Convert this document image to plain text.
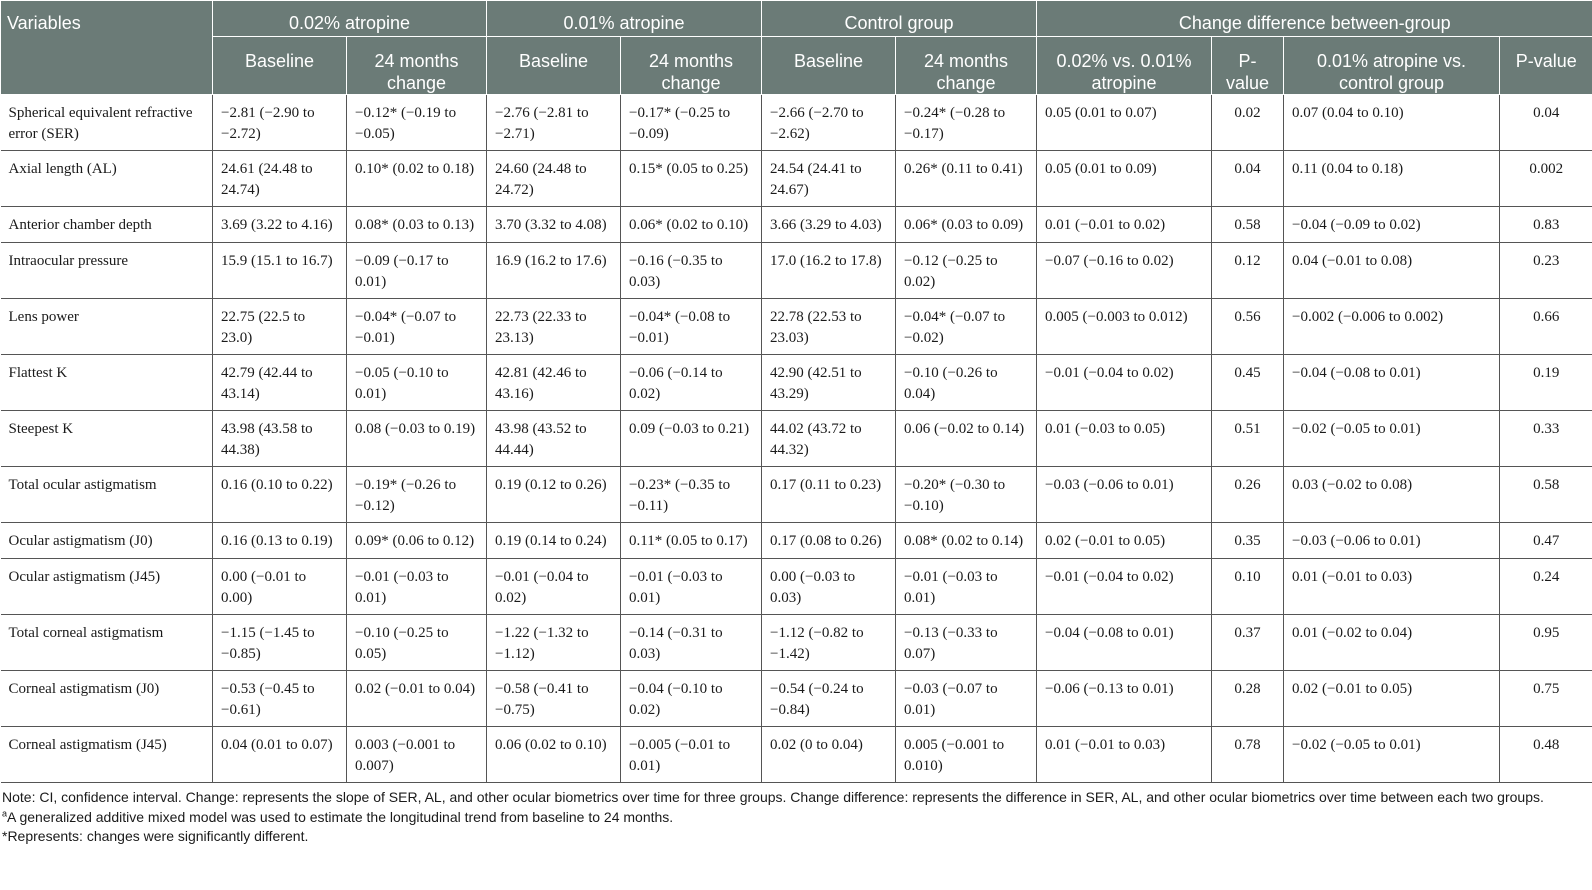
Variables	0.02% atropine		0.01% atropine		Control group		Change difference between-group			
	Baseline	24 months change	Baseline	24 months change	Baseline	24 months change	0.02% vs. 0.01% atropine	P-value	0.01% atropine vs. control group	P-value
Spherical equivalent refractive error (SER)	−2.81 (−2.90 to −2.72)	−0.12* (−0.19 to −0.05)	−2.76 (−2.81 to −2.71)	−0.17* (−0.25 to −0.09)	−2.66 (−2.70 to −2.62)	−0.24* (−0.28 to −0.17)	0.05 (0.01 to 0.07)	0.02	0.07 (0.04 to 0.10)	0.04
Axial length (AL)	24.61 (24.48 to 24.74)	0.10* (0.02 to 0.18)	24.60 (24.48 to 24.72)	0.15* (0.05 to 0.25)	24.54 (24.41 to 24.67)	0.26* (0.11 to 0.41)	0.05 (0.01 to 0.09)	0.04	0.11 (0.04 to 0.18)	0.002
Anterior chamber depth	3.69 (3.22 to 4.16)	0.08* (0.03 to 0.13)	3.70 (3.32 to 4.08)	0.06* (0.02 to 0.10)	3.66 (3.29 to 4.03)	0.06* (0.03 to 0.09)	0.01 (−0.01 to 0.02)	0.58	−0.04 (−0.09 to 0.02)	0.83
Intraocular pressure	15.9 (15.1 to 16.7)	−0.09 (−0.17 to 0.01)	16.9 (16.2 to 17.6)	−0.16 (−0.35 to 0.03)	17.0 (16.2 to 17.8)	−0.12 (−0.25 to 0.02)	−0.07 (−0.16 to 0.02)	0.12	0.04 (−0.01 to 0.08)	0.23
Lens power	22.75 (22.5 to 23.0)	−0.04* (−0.07 to −0.01)	22.73 (22.33 to 23.13)	−0.04* (−0.08 to −0.01)	22.78 (22.53 to 23.03)	−0.04* (−0.07 to −0.02)	0.005 (−0.003 to 0.012)	0.56	−0.002 (−0.006 to 0.002)	0.66
Flattest K	42.79 (42.44 to 43.14)	−0.05 (−0.10 to 0.01)	42.81 (42.46 to 43.16)	−0.06 (−0.14 to 0.02)	42.90 (42.51 to 43.29)	−0.10 (−0.26 to 0.04)	−0.01 (−0.04 to 0.02)	0.45	−0.04 (−0.08 to 0.01)	0.19
Steepest K	43.98 (43.58 to 44.38)	0.08 (−0.03 to 0.19)	43.98 (43.52 to 44.44)	0.09 (−0.03 to 0.21)	44.02 (43.72 to 44.32)	0.06 (−0.02 to 0.14)	0.01 (−0.03 to 0.05)	0.51	−0.02 (−0.05 to 0.01)	0.33
Total ocular astigmatism	0.16 (0.10 to 0.22)	−0.19* (−0.26 to −0.12)	0.19 (0.12 to 0.26)	−0.23* (−0.35 to −0.11)	0.17 (0.11 to 0.23)	−0.20* (−0.30 to −0.10)	−0.03 (−0.06 to 0.01)	0.26	0.03 (−0.02 to 0.08)	0.58
Ocular astigmatism (J0)	0.16 (0.13 to 0.19)	0.09* (0.06 to 0.12)	0.19 (0.14 to 0.24)	0.11* (0.05 to 0.17)	0.17 (0.08 to 0.26)	0.08* (0.02 to 0.14)	0.02 (−0.01 to 0.05)	0.35	−0.03 (−0.06 to 0.01)	0.47
Ocular astigmatism (J45)	0.00 (−0.01 to 0.00)	−0.01 (−0.03 to 0.01)	−0.01 (−0.04 to 0.02)	−0.01 (−0.03 to 0.01)	0.00 (−0.03 to 0.03)	−0.01 (−0.03 to 0.01)	−0.01 (−0.04 to 0.02)	0.10	0.01 (−0.01 to 0.03)	0.24
Total corneal astigmatism	−1.15 (−1.45 to −0.85)	−0.10 (−0.25 to 0.05)	−1.22 (−1.32 to −1.12)	−0.14 (−0.31 to 0.03)	−1.12 (−0.82 to −1.42)	−0.13 (−0.33 to 0.07)	−0.04 (−0.08 to 0.01)	0.37	0.01 (−0.02 to 0.04)	0.95
Corneal astigmatism (J0)	−0.53 (−0.45 to −0.61)	0.02 (−0.01 to 0.04)	−0.58 (−0.41 to −0.75)	−0.04 (−0.10 to 0.02)	−0.54 (−0.24 to −0.84)	−0.03 (−0.07 to 0.01)	−0.06 (−0.13 to 0.01)	0.28	0.02 (−0.01 to 0.05)	0.75
Corneal astigmatism (J45)	0.04 (0.01 to 0.07)	0.003 (−0.001 to 0.007)	0.06 (0.02 to 0.10)	−0.005 (−0.01 to 0.01)	0.02 (0 to 0.04)	0.005 (−0.001 to 0.010)	0.01 (−0.01 to 0.03)	0.78	−0.02 (−0.05 to 0.01)	0.48

Note: CI, confidence interval. Change: represents the slope of SER, AL, and other ocular biometrics over time for three groups. Change difference: represents the difference in SER, AL, and other ocular biometrics over time between each two groups.

$^a$A generalized additive mixed model was used to estimate the longitudinal trend from baseline to 24 months.

*Represents: changes were significantly different.
